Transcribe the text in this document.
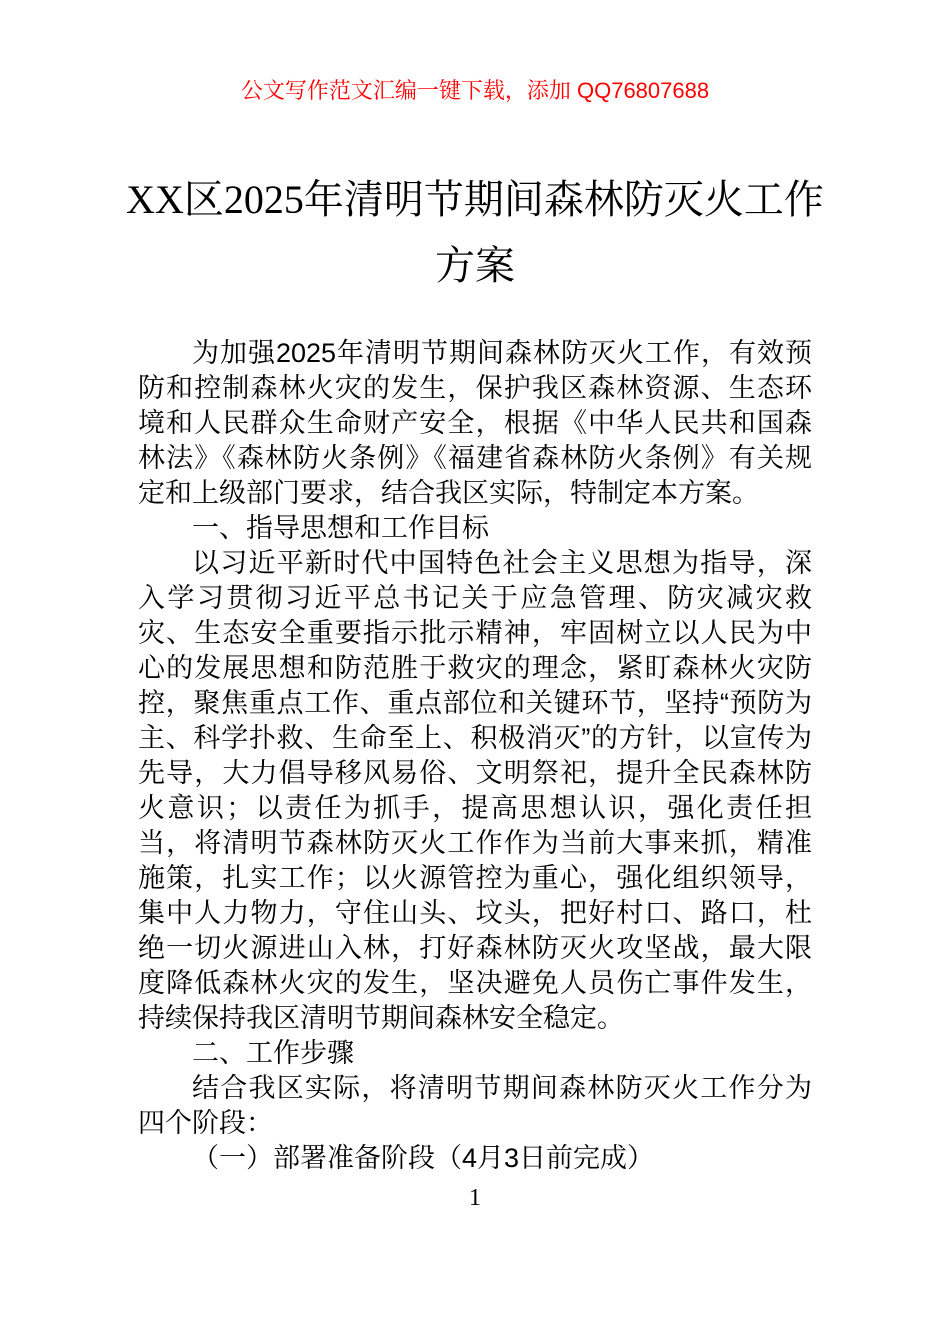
公文写作范文汇编一键下载，添加 QQ76807688
XX区2025年清明节期间森林防灭火工作
方案

为加强2025年清明节期间森林防灭火工作，有效预防和控制森林火灾的发生，保护我区森林资源、生态环境和人民群众生命财产安全，根据《中华人民共和国森林法》《森林防火条例》《福建省森林防火条例》有关规定和上级部门要求，结合我区实际，特制定本方案。

一、指导思想和工作目标

以习近平新时代中国特色社会主义思想为指导，深入学习贯彻习近平总书记关于应急管理、防灾减灾救灾、生态安全重要指示批示精神，牢固树立以人民为中心的发展思想和防范胜于救灾的理念，紧盯森林火灾防控，聚焦重点工作、重点部位和关键环节，坚持“预防为主、科学扑救、生命至上、积极消灭”的方针，以宣传为先导，大力倡导移风易俗、文明祭祀，提升全民森林防火意识；以责任为抓手，提高思想认识，强化责任担当，将清明节森林防灭火工作作为当前大事来抓，精准施策，扎实工作；以火源管控为重心，强化组织领导，集中人力物力，守住山头、坟头，把好村口、路口，杜绝一切火源进山入林，打好森林防灭火攻坚战，最大限度降低森林火灾的发生，坚决避免人员伤亡事件发生，持续保持我区清明节期间森林安全稳定。

二、工作步骤

结合我区实际，将清明节期间森林防灭火工作分为四个阶段：

（一）部署准备阶段（4月3日前完成）

1
